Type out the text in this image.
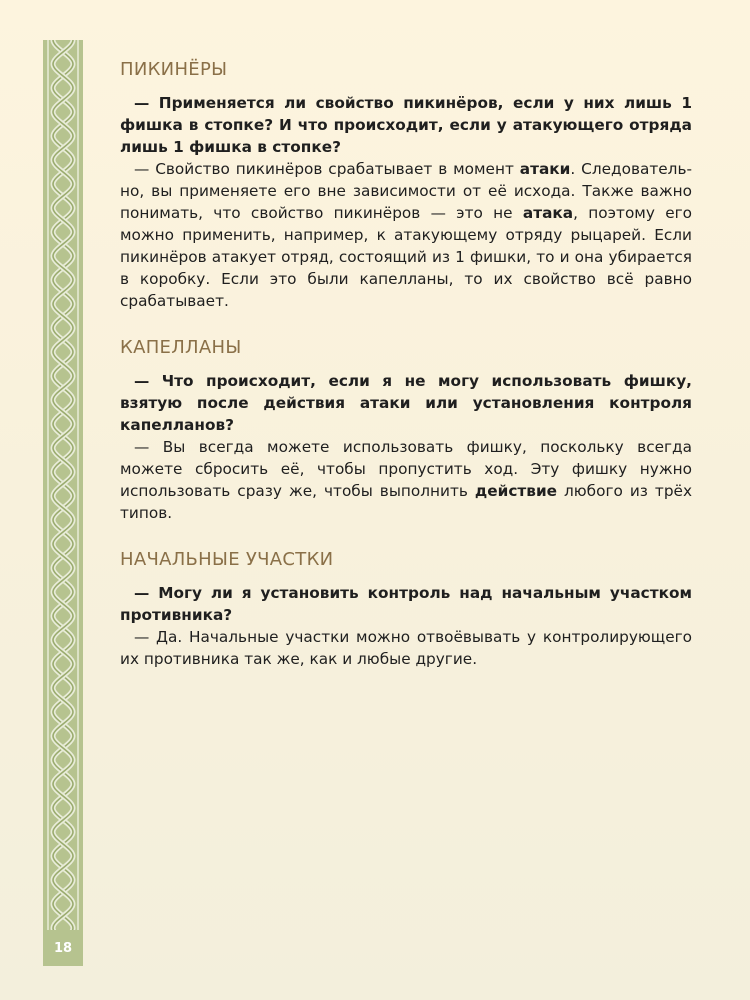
18
ПИКИНЁРЫ

— Применяется ли свойство пикинёров, если у них лишь 1 фишка в стопке? И что происходит, если у атакующего отряда лишь 1 фишка в стопке?

— Свойство пикинёров срабатывает в момент атаки. Следовательно, вы применяете его вне зависимости от её исхода. Также важно понимать, что свойство пикинёров — это не атака, поэтому его можно применить, например, к атакующему отряду рыцарей. Если пикинёров атакует отряд, состоящий из 1 фишки, то и она убирается в коробку. Если это были капелланы, то их свойство всё равно срабатывает.

КАПЕЛЛАНЫ

— Что происходит, если я не могу использовать фишку, взятую после действия атаки или установления контроля капелланов?

— Вы всегда можете использовать фишку, поскольку всегда можете сбросить её, чтобы пропустить ход. Эту фишку нужно использовать сразу же, чтобы выполнить действие любого из трёх типов.

НАЧАЛЬНЫЕ УЧАСТКИ

— Могу ли я установить контроль над начальным участком противника?

— Да. Начальные участки можно отвоёвывать у контролирующего их противника так же, как и любые другие.
